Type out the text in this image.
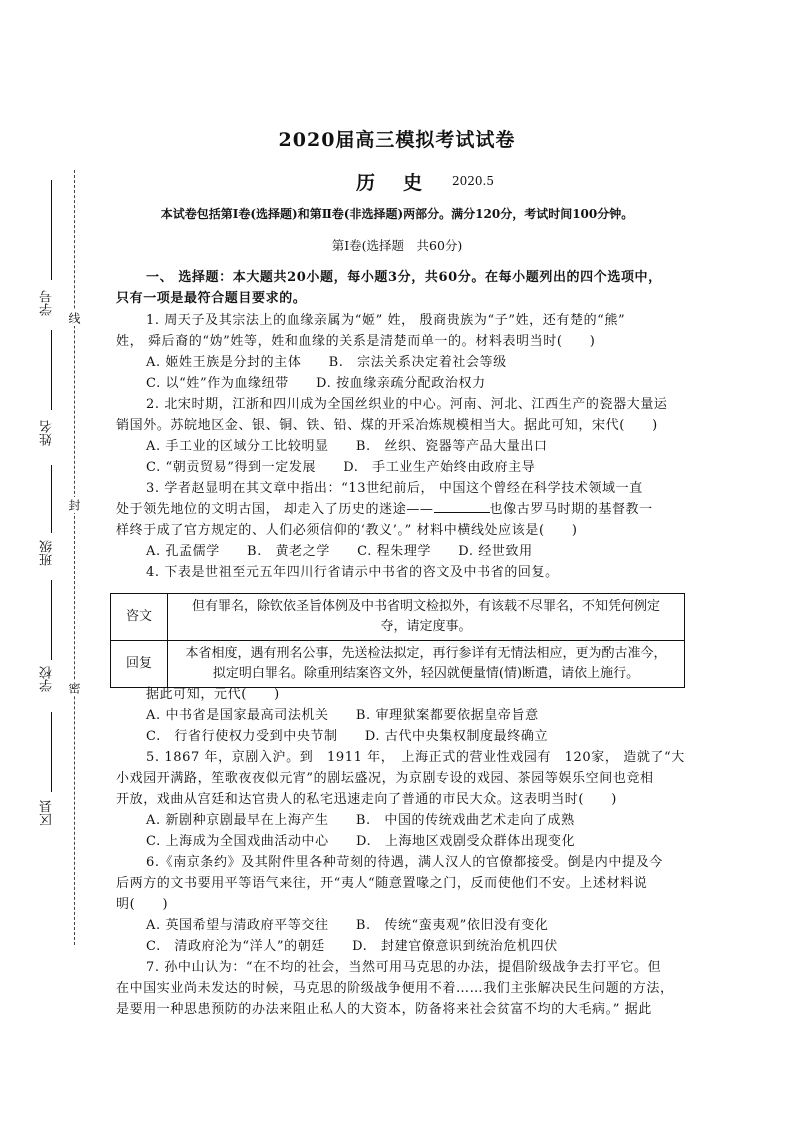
学号
姓名
班级
学校
区县
线
封
密
2020届高三模拟考试试卷
历史 2020.5
本试卷包括第Ⅰ卷(选择题)和第Ⅱ卷(非选择题)两部分。满分120分，考试时间100分钟。
第Ⅰ卷(选择题　共60分)
一、 选择题：本大题共20小题，每小题3分，共60分。在每小题列出的四个选项中，
只有一项是最符合题目要求的。
1. 周天子及其宗法上的血缘亲属为“姬” 姓， 殷商贵族为“子”姓，还有楚的“熊”
姓， 舜后裔的“妫”姓等，姓和血缘的关系是清楚而单一的。材料表明当时(　　)
A. 姬姓王族是分封的主体　　B.　宗法关系决定着社会等级
C. 以“姓”作为血缘纽带　　D. 按血缘亲疏分配政治权力
2. 北宋时期，江浙和四川成为全国丝织业的中心。河南、河北、江西生产的瓷器大量运
销国外。苏皖地区金、银、铜、铁、铅、煤的开采冶炼规模相当大。据此可知，宋代(　　)
A. 手工业的区域分工比较明显　　B.　丝织、瓷器等产品大量出口
C. “朝贡贸易”得到一定发展　　D.　手工业生产始终由政府主导
3. 学者赵显明在其文章中指出：“13世纪前后， 中国这个曾经在科学技术领域一直
处于领先地位的文明古国， 却走入了历史的迷途——	也像古罗马时期的基督教一
样终于成了官方规定的、人们必须信仰的‘教义’。” 材料中横线处应该是(　　)
A. 孔孟儒学　　B.　黄老之学　　C. 程朱理学　　D. 经世致用
4. 下表是世祖至元五年四川行省请示中书省的咨文及中书省的回复。
咨文	但有罪名，除钦依圣旨体例及中书省明文检拟外，有该载不尽罪名，不知凭何例定
夺，请定度事。

回复	本省相度，遇有刑名公事，先送检法拟定，再行参详有无情法相应，更为酌古准今，
拟定明白罪名。除重刑结案咨文外，轻囚就便量情(情)断遣，请依上施行。
据此可知，元代(　　)
A. 中书省是国家最高司法机关　　B. 审理狱案都要依据皇帝旨意
C.　行省行使权力受到中央节制　　D. 古代中央集权制度最终确立
5. 1867 年，京剧入沪。到　1911 年，　上海正式的营业性戏园有　120家， 造就了“大
小戏园开满路，笙歌夜夜似元宵”的剧坛盛况，为京剧专设的戏园、茶园等娱乐空间也竞相
开放，戏曲从宫廷和达官贵人的私宅迅速走向了普通的市民大众。这表明当时(　　)
A. 新剧种京剧最早在上海产生　　B.　中国的传统戏曲艺术走向了成熟
C. 上海成为全国戏曲活动中心　　D.　上海地区戏剧受众群体出现变化
6.《南京条约》及其附件里各种苛刻的待遇，满人汉人的官僚都接受。倒是内中提及今
后两方的文书要用平等语气来往，开“夷人“随意置喙之门，反而使他们不安。上述材料说
明(　　)
A. 英国希望与清政府平等交往　　B.　传统“蛮夷观”依旧没有变化
C.　清政府沦为“洋人”的朝廷　　D.　封建官僚意识到统治危机四伏
7. 孙中山认为：“在不均的社会，当然可用马克思的办法，提倡阶级战争去打平它。但
在中国实业尚未发达的时候，马克思的阶级战争便用不着……我们主张解决民生问题的方法，
是要用一种思患预防的办法来阻止私人的大资本，防备将来社会贫富不均的大毛病。” 据此
